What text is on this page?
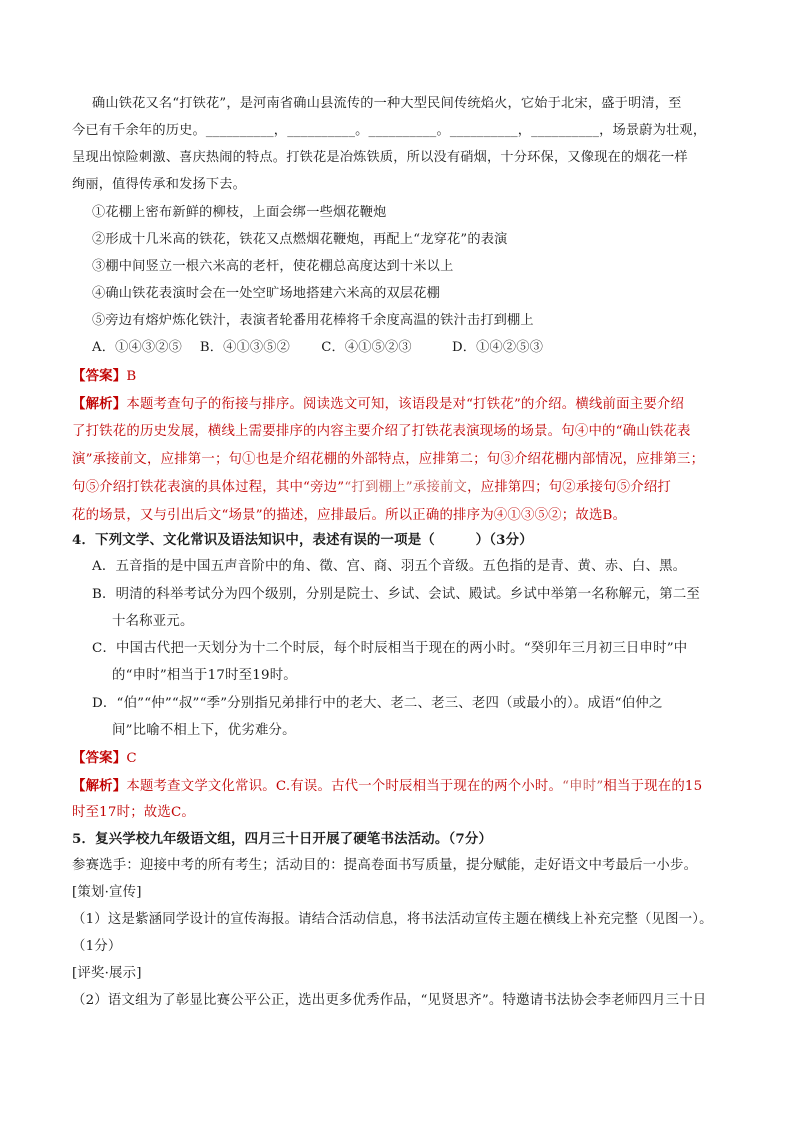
确山铁花又名“打铁花”，是河南省确山县流传的一种大型民间传统焰火，它始于北宋，盛于明清，至
今已有千余年的历史。__________，__________。__________。__________，__________，场景蔚为壮观，
呈现出惊险刺激、喜庆热闹的特点。打铁花是冶炼铁质，所以没有硝烟，十分环保，又像现在的烟花一样
绚丽，值得传承和发扬下去。
①花棚上密布新鲜的柳枝，上面会绑一些烟花鞭炮
②形成十几米高的铁花，铁花又点燃烟花鞭炮，再配上“龙穿花”的表演
③棚中间竖立一根六米高的老杆，使花棚总高度达到十米以上
④确山铁花表演时会在一处空旷场地搭建六米高的双层花棚
⑤旁边有熔炉炼化铁汁，表演者轮番用花棒将千余度高温的铁汁击打到棚上
A．①④③②⑤　 B．④①③⑤②　　 C．④①⑤②③　　　D．①④②⑤③
【答案】B
【解析】本题考查句子的衔接与排序。阅读选文可知，该语段是对“打铁花”的介绍。横线前面主要介绍
了打铁花的历史发展，横线上需要排序的内容主要介绍了打铁花表演现场的场景。句④中的“确山铁花表
演”承接前文，应排第一；句①也是介绍花棚的外部特点，应排第二；句③介绍花棚内部情况，应排第三；
句⑤介绍打铁花表演的具体过程，其中“旁边”“打到棚上”承接前文，应排第四；句②承接句⑤介绍打
花的场景，又与引出后文“场景”的描述，应排最后。所以正确的排序为④①③⑤②；故选B。
4．下列文学、文化常识及语法知识中，表述有误的一项是（　　　）（3分）
A．五音指的是中国五声音阶中的角、徵、宫、商、羽五个音级。五色指的是青、黄、赤、白、黑。
B．明清的科举考试分为四个级别，分别是院士、乡试、会试、殿试。乡试中举第一名称解元，第二至
十名称亚元。
C．中国古代把一天划分为十二个时辰，每个时辰相当于现在的两小时。“癸卯年三月初三日申时”中
的“申时”相当于17时至19时。
D．“伯”“仲”“叔”“季”分别指兄弟排行中的老大、老二、老三、老四（或最小的）。成语“伯仲之
间”比喻不相上下，优劣难分。
【答案】C
【解析】本题考查文学文化常识。C.有误。古代一个时辰相当于现在的两个小时。“申时”相当于现在的15
时至17时；故选C。
5．复兴学校九年级语文组，四月三十日开展了硬笔书法活动。（7分）
参赛选手：迎接中考的所有考生；活动目的：提高卷面书写质量，提分赋能，走好语文中考最后一小步。
[策划·宣传]
（1）这是紫涵同学设计的宣传海报。请结合活动信息，将书法活动宣传主题在横线上补充完整（见图一）。
（1分）
[评奖·展示]
（2）语文组为了彰显比赛公平公正，选出更多优秀作品，“见贤思齐”。特邀请书法协会李老师四月三十日
